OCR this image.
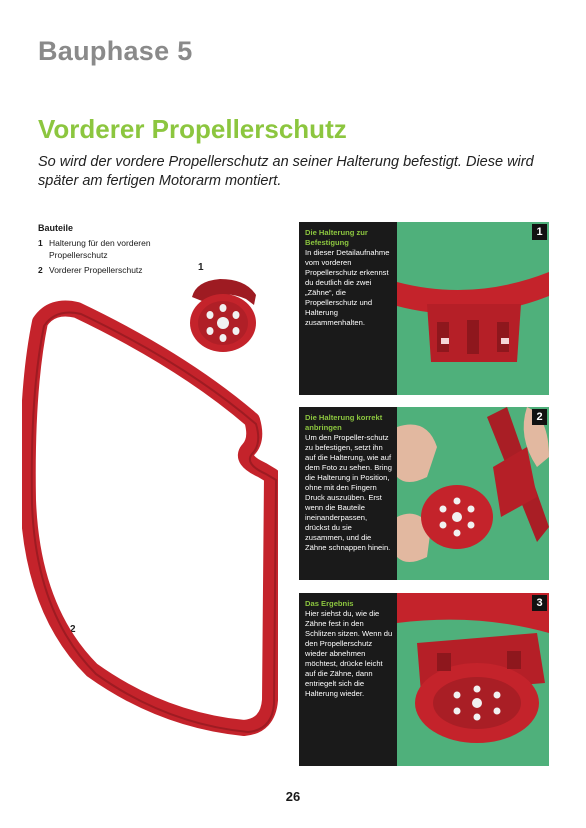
Bauphase 5
Vorderer Propellerschutz

So wird der vordere Propellerschutz an seiner Halterung befestigt. Diese wird später am fertigen Motorarm montiert.

Bauteile
1 Halterung für den vorderen Propellerschutz
2 Vorderer Propellerschutz	1
2
Die Halterung zur Befestigung
In dieser Detailaufnahme vom vorderen Propellerschutz erkennst du deutlich die zwei „Zähne“, die Propellerschutz und Halterung zusammenhalten.
1
Die Halterung korrekt anbringen
Um den Propeller-schutz zu befestigen, setzt ihn auf die Halterung, wie auf dem Foto zu sehen. Bring die Halterung in Position, ohne mit den Fingern Druck auszuüben. Erst wenn die Bauteile ineinanderpassen, drückst du sie zusammen, und die Zähne schnappen hinein.
2
Das Ergebnis
Hier siehst du, wie die Zähne fest in den Schlitzen sitzen. Wenn du den Propellerschutz wieder abnehmen möchtest, drücke leicht auf die Zähne, dann entriegelt sich die Halterung wieder.
3
26
